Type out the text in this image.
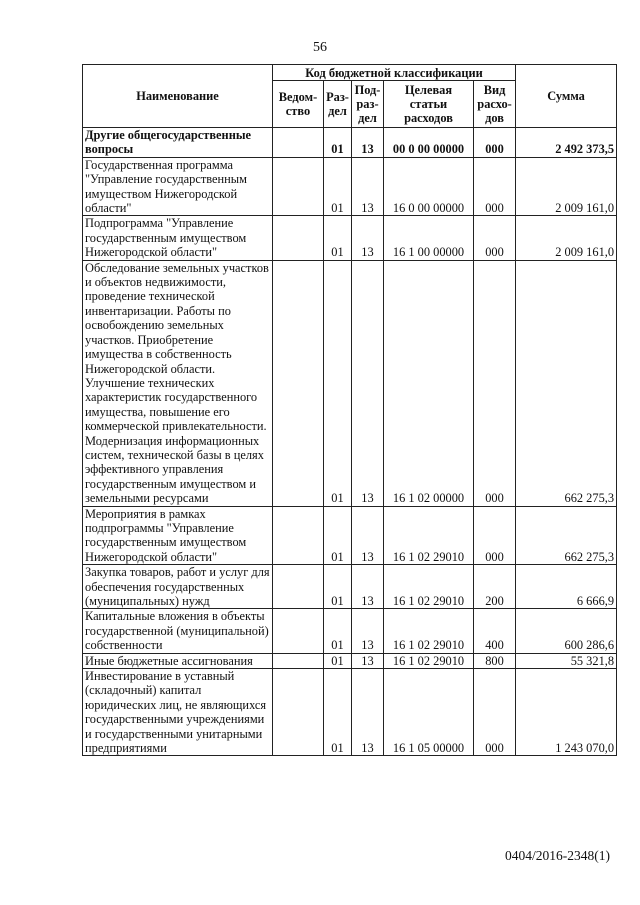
56
Наименование	Код бюджетной классификации					Сумма
	Ведом-ство	Раз-дел	Под-раз-дел	Целевая статьи расходов	Вид расхо-дов	
Другие общегосударственные вопросы		01	13	00 0 00 00000	000	2 492 373,5
Государственная программа "Управление государственным имуществом Нижегородской области"		01	13	16 0 00 00000	000	2 009 161,0
Подпрограмма "Управление государственным имуществом Нижегородской области"		01	13	16 1 00 00000	000	2 009 161,0
Обследование земельных участков и объектов недвижимости, проведение технической инвентаризации. Работы по освобождению земельных участков. Приобретение имущества в собственность Нижегородской области. Улучшение технических характеристик государственного имущества, повышение его коммерческой привлекательности. Модернизация информационных систем, технической базы в целях эффективного управления государственным имуществом и земельными ресурсами		01	13	16 1 02 00000	000	662 275,3
Мероприятия в рамках подпрограммы "Управление государственным имуществом Нижегородской области"		01	13	16 1 02 29010	000	662 275,3
Закупка товаров, работ и услуг для обеспечения государственных (муниципальных) нужд		01	13	16 1 02 29010	200	6 666,9
Капитальные вложения в объекты государственной (муниципальной) собственности		01	13	16 1 02 29010	400	600 286,6
Иные бюджетные ассигнования		01	13	16 1 02 29010	800	55 321,8
Инвестирование в уставный (складочный) капитал юридических лиц, не являющихся государственными учреждениями и государственными унитарными предприятиями		01	13	16 1 05 00000	000	1 243 070,0
0404/2016-2348(1)
